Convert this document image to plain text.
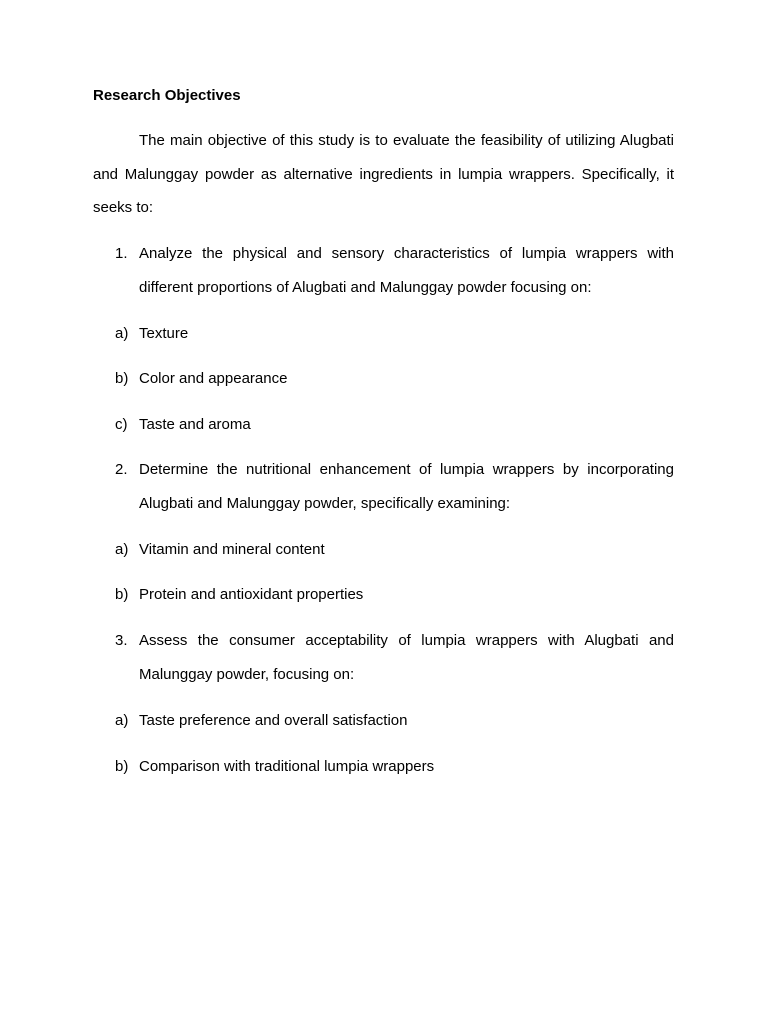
Research Objectives

The main objective of this study is to evaluate the feasibility of utilizing Alugbati and Malunggay powder as alternative ingredients in lumpia wrappers. Specifically, it seeks to:

1. Analyze the physical and sensory characteristics of lumpia wrappers with different proportions of Alugbati and Malunggay powder focusing on:
a) Texture
b) Color and appearance
c) Taste and aroma
2. Determine the nutritional enhancement of lumpia wrappers by incorporating Alugbati and Malunggay powder, specifically examining:
a) Vitamin and mineral content
b) Protein and antioxidant properties
3. Assess the consumer acceptability of lumpia wrappers with Alugbati and Malunggay powder, focusing on:
a) Taste preference and overall satisfaction
b) Comparison with traditional lumpia wrappers
